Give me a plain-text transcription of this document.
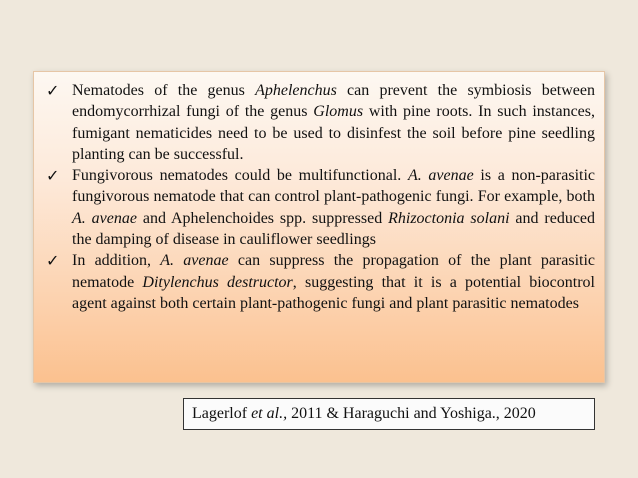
✓ Nematodes of the genus Aphelenchus can prevent the symbiosis between endomycorrhizal fungi of the genus Glomus with pine roots. In such instances, fumigant nematicides need to be used to disinfest the soil before pine seedling planting can be successful.
✓ Fungivorous nematodes could be multifunctional. A. avenae is a non-parasitic fungivorous nematode that can control plant-pathogenic fungi. For example, both A. avenae and Aphelenchoides spp. suppressed Rhizoctonia solani and reduced the damping of disease in cauliflower seedlings
✓ In addition, A. avenae can suppress the propagation of the plant parasitic nematode Ditylenchus destructor, suggesting that it is a potential biocontrol agent against both certain plant-pathogenic fungi and plant parasitic nematodes
Lagerlof et al., 2011 & Haraguchi and Yoshiga., 2020
